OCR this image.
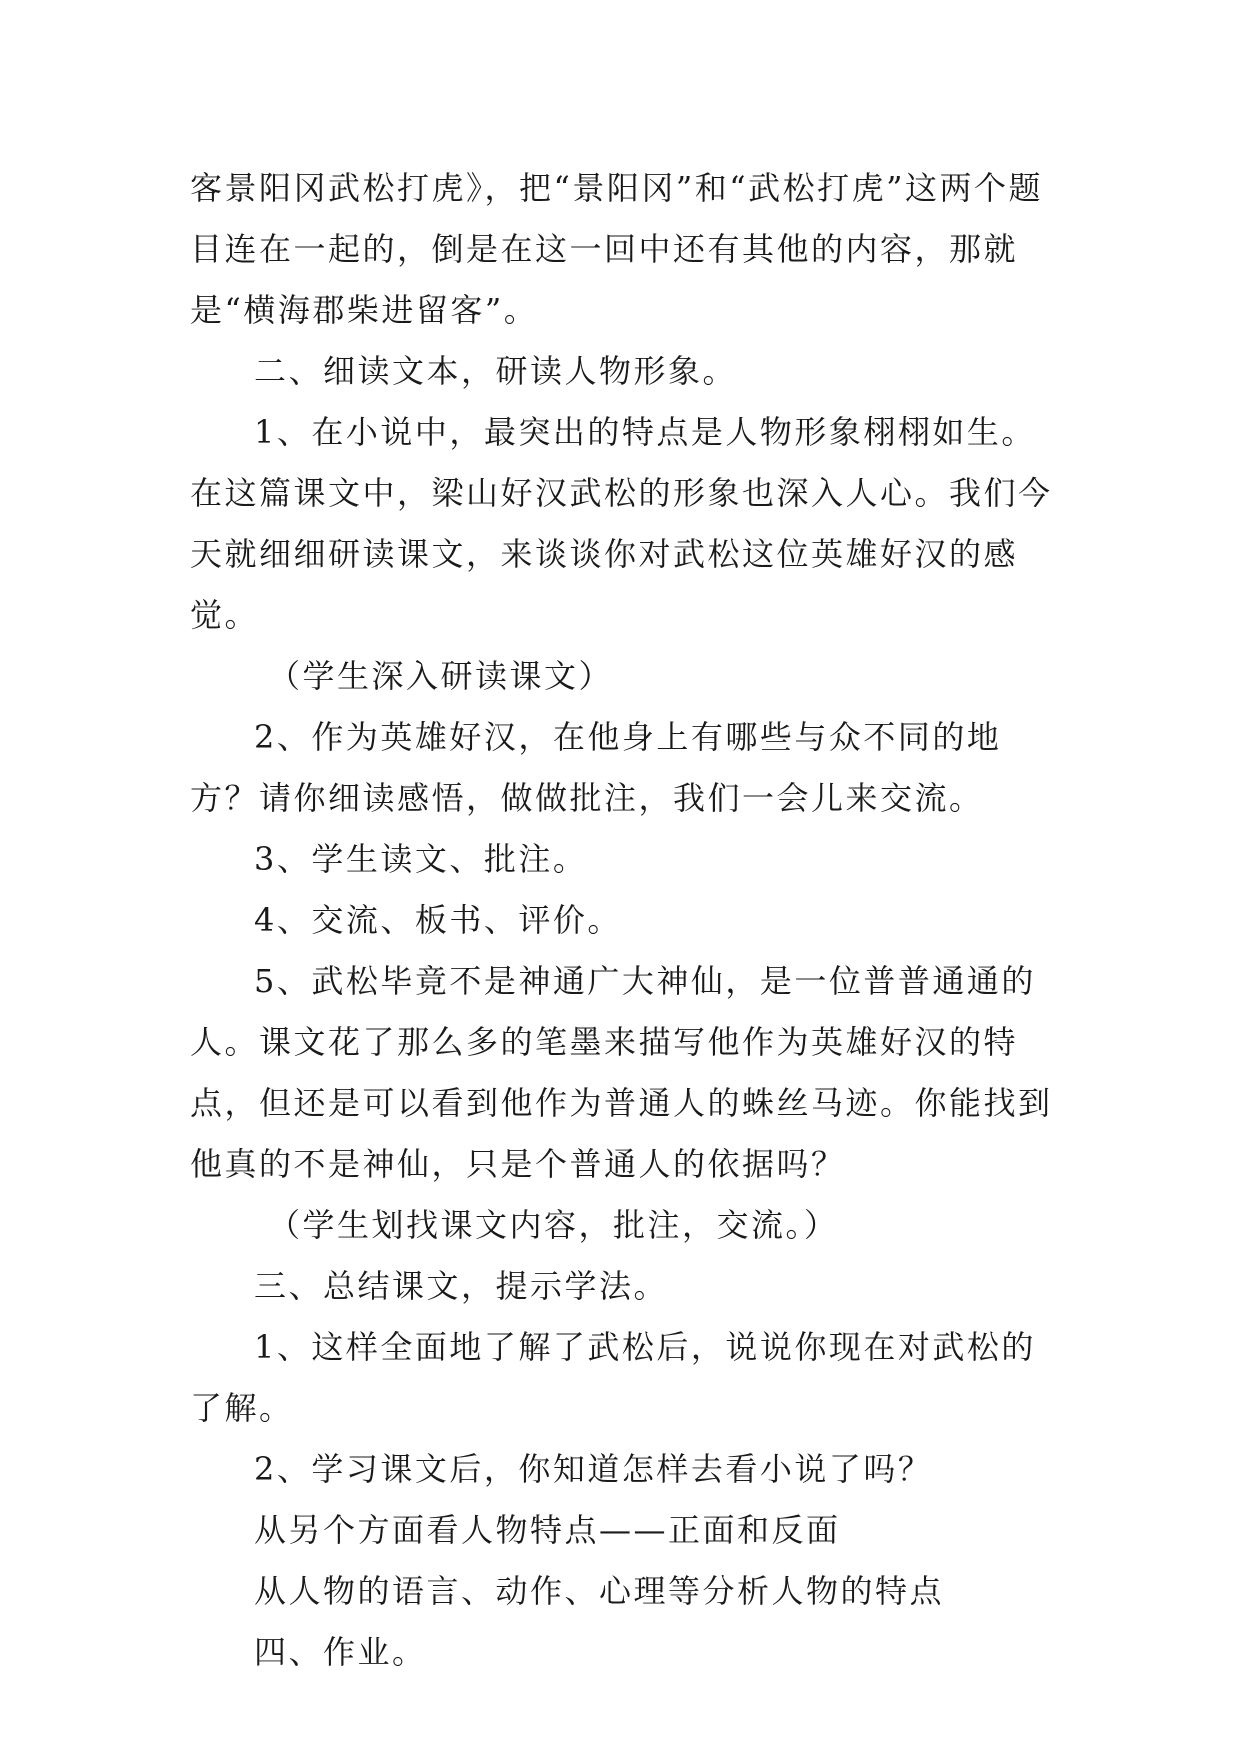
客景阳冈武松打虎》，把“景阳冈”和“武松打虎”这两个题目连在一起的，倒是在这一回中还有其他的内容，那就是“横海郡柴进留客”。

二、细读文本，研读人物形象。

1、在小说中，最突出的特点是人物形象栩栩如生。在这篇课文中，梁山好汉武松的形象也深入人心。我们今天就细细研读课文，来谈谈你对武松这位英雄好汉的感觉。

（学生深入研读课文）

2、作为英雄好汉，在他身上有哪些与众不同的地方？请你细读感悟，做做批注，我们一会儿来交流。

3、学生读文、批注。

4、交流、板书、评价。

5、武松毕竟不是神通广大神仙，是一位普普通通的人。课文花了那么多的笔墨来描写他作为英雄好汉的特点，但还是可以看到他作为普通人的蛛丝马迹。你能找到他真的不是神仙，只是个普通人的依据吗？

（学生划找课文内容，批注，交流。）

三、总结课文，提示学法。

1、这样全面地了解了武松后，说说你现在对武松的了解。

2、学习课文后，你知道怎样去看小说了吗？

从另个方面看人物特点——正面和反面

从人物的语言、动作、心理等分析人物的特点

四、作业。
